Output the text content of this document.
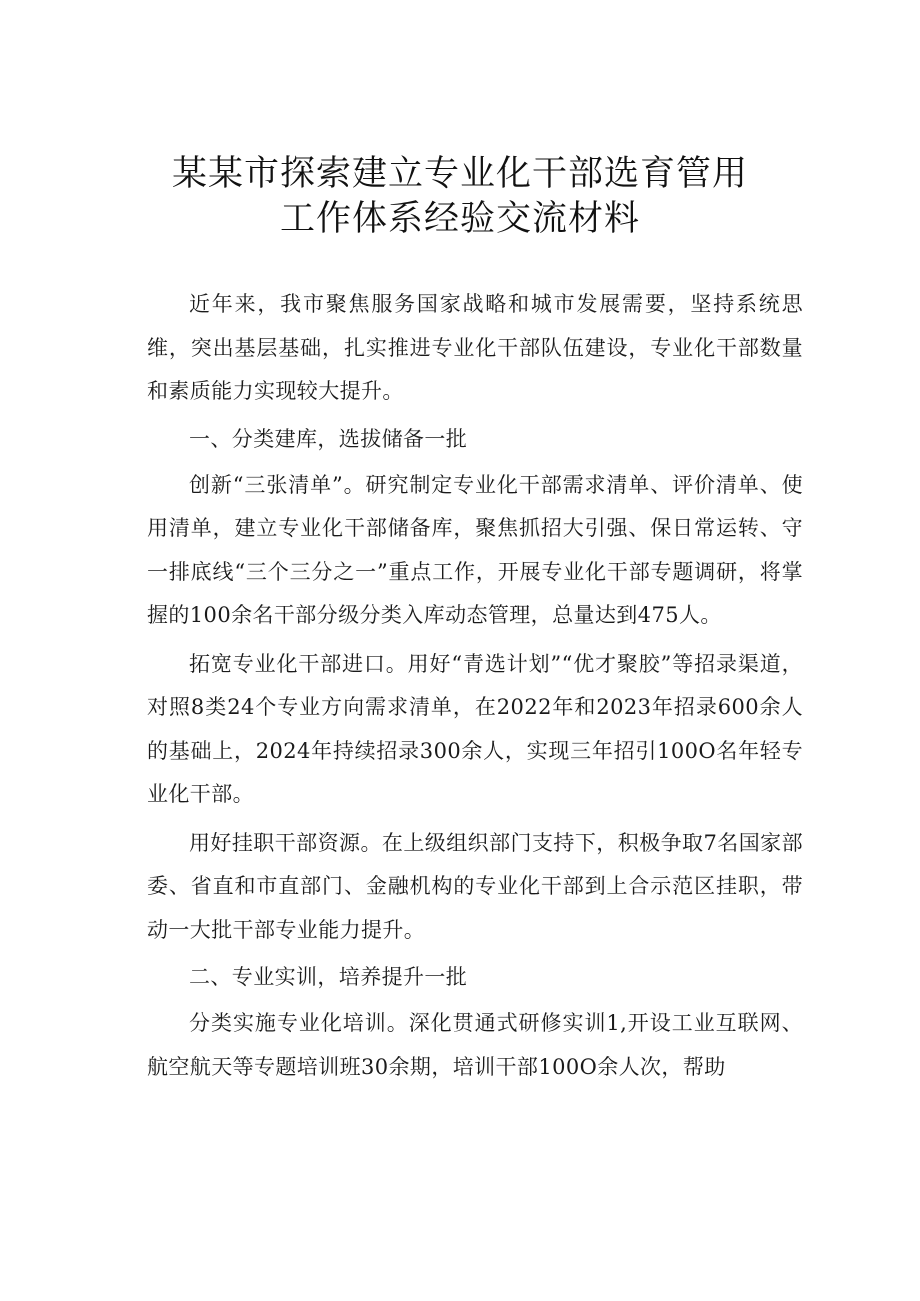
某某市探索建立专业化干部选育管用
工作体系经验交流材料

近年来，我市聚焦服务国家战略和城市发展需要，坚持系统思维，突出基层基础，扎实推进专业化干部队伍建设，专业化干部数量和素质能力实现较大提升。

一、分类建库，选拔储备一批

创新“三张清单”。研究制定专业化干部需求清单、评价清单、使用清单，建立专业化干部储备库，聚焦抓招大引强、保日常运转、守一排底线“三个三分之一”重点工作，开展专业化干部专题调研，将掌握的100余名干部分级分类入库动态管理，总量达到475人。

拓宽专业化干部进口。用好“青选计划”“优才聚胶”等招录渠道，对照8类24个专业方向需求清单，在2022年和2023年招录600余人的基础上，2024年持续招录300余人，实现三年招引100O名年轻专业化干部。

用好挂职干部资源。在上级组织部门支持下，积极争取7名国家部委、省直和市直部门、金融机构的专业化干部到上合示范区挂职，带动一大批干部专业能力提升。

二、专业实训，培养提升一批

分类实施专业化培训。深化贯通式研修实训1,开设工业互联网、航空航天等专题培训班30余期，培训干部100O余人次，帮助
